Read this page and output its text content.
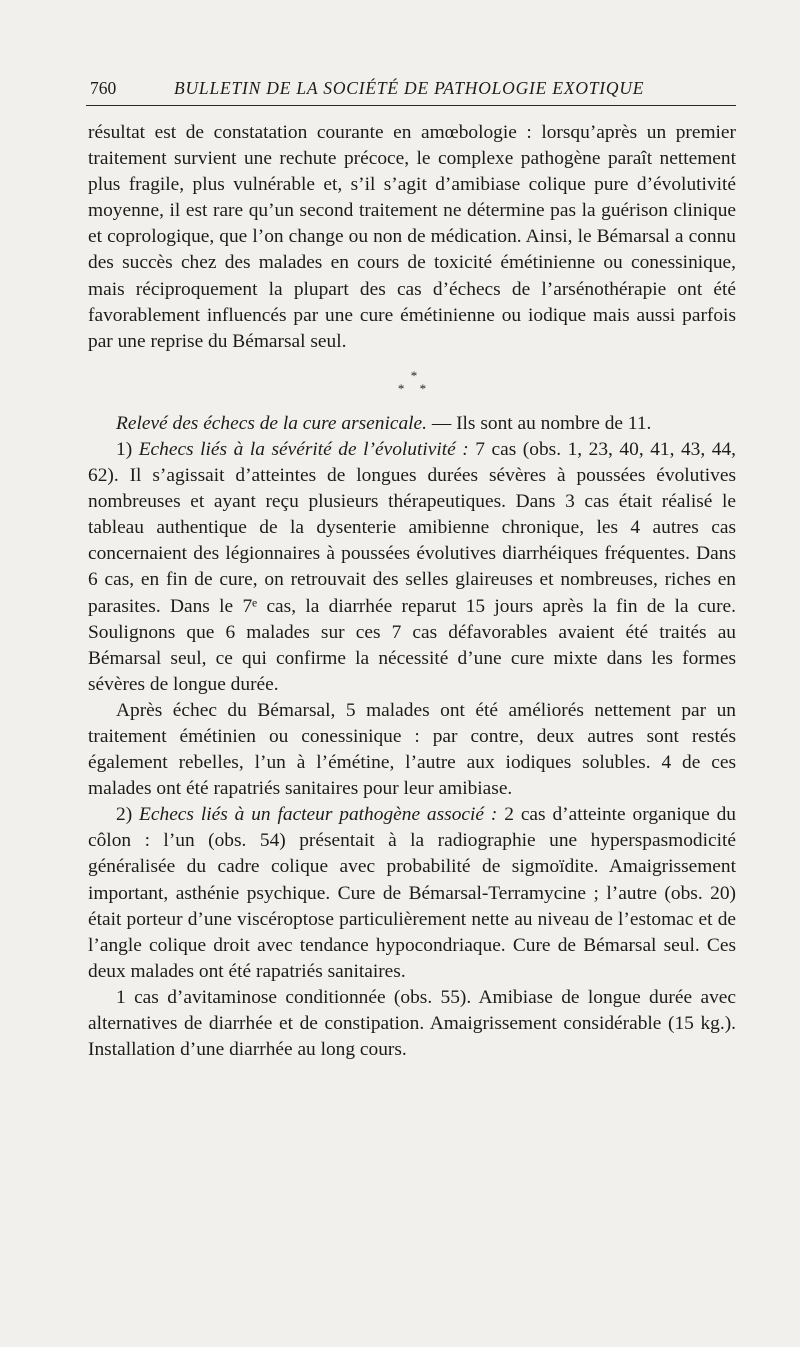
760	BULLETIN DE LA SOCIÉTÉ DE PATHOLOGIE EXOTIQUE

résultat est de constatation courante en amœbologie : lorsqu’après un premier traitement survient une rechute précoce, le complexe pathogène paraît nettement plus fragile, plus vulnérable et, s’il s’agit d’amibiase colique pure d’évolutivité moyenne, il est rare qu’un second traitement ne détermine pas la guérison clinique et coprologique, que l’on change ou non de médication. Ainsi, le Bémarsal a connu des succès chez des malades en cours de toxicité émétinienne ou conessinique, mais réciproquement la plupart des cas d’échecs de l’arsénothérapie ont été favorablement influencés par une cure émétinienne ou iodique mais aussi parfois par une reprise du Bémarsal seul.

*
* *

Relevé des échecs de la cure arsenicale. — Ils sont au nombre de 11.

1) Echecs liés à la sévérité de l’évolutivité : 7 cas (obs. 1, 23, 40, 41, 43, 44, 62). Il s’agissait d’atteintes de longues durées sévères à poussées évolutives nombreuses et ayant reçu plusieurs thérapeutiques. Dans 3 cas était réalisé le tableau authentique de la dysenterie amibienne chronique, les 4 autres cas concernaient des légionnaires à poussées évolutives diarrhéiques fréquentes. Dans 6 cas, en fin de cure, on retrouvait des selles glaireuses et nombreuses, riches en parasites. Dans le 7ᵉ cas, la diarrhée reparut 15 jours après la fin de la cure. Soulignons que 6 malades sur ces 7 cas défavorables avaient été traités au Bémarsal seul, ce qui confirme la nécessité d’une cure mixte dans les formes sévères de longue durée.

Après échec du Bémarsal, 5 malades ont été améliorés nettement par un traitement émétinien ou conessinique : par contre, deux autres sont restés également rebelles, l’un à l’émétine, l’autre aux iodiques solubles. 4 de ces malades ont été rapatriés sanitaires pour leur amibiase.

2) Echecs liés à un facteur pathogène associé : 2 cas d’atteinte organique du côlon : l’un (obs. 54) présentait à la radiographie une hyperspasmodicité généralisée du cadre colique avec probabilité de sigmoïdite. Amaigrissement important, asthénie psychique. Cure de Bémarsal-Terramycine ; l’autre (obs. 20) était porteur d’une viscéroptose particulièrement nette au niveau de l’estomac et de l’angle colique droit avec tendance hypocondriaque. Cure de Bémarsal seul. Ces deux malades ont été rapatriés sanitaires.

1 cas d’avitaminose conditionnée (obs. 55). Amibiase de longue durée avec alternatives de diarrhée et de constipation. Amaigrissement considérable (15 kg.). Installation d’une diarrhée au long cours.
